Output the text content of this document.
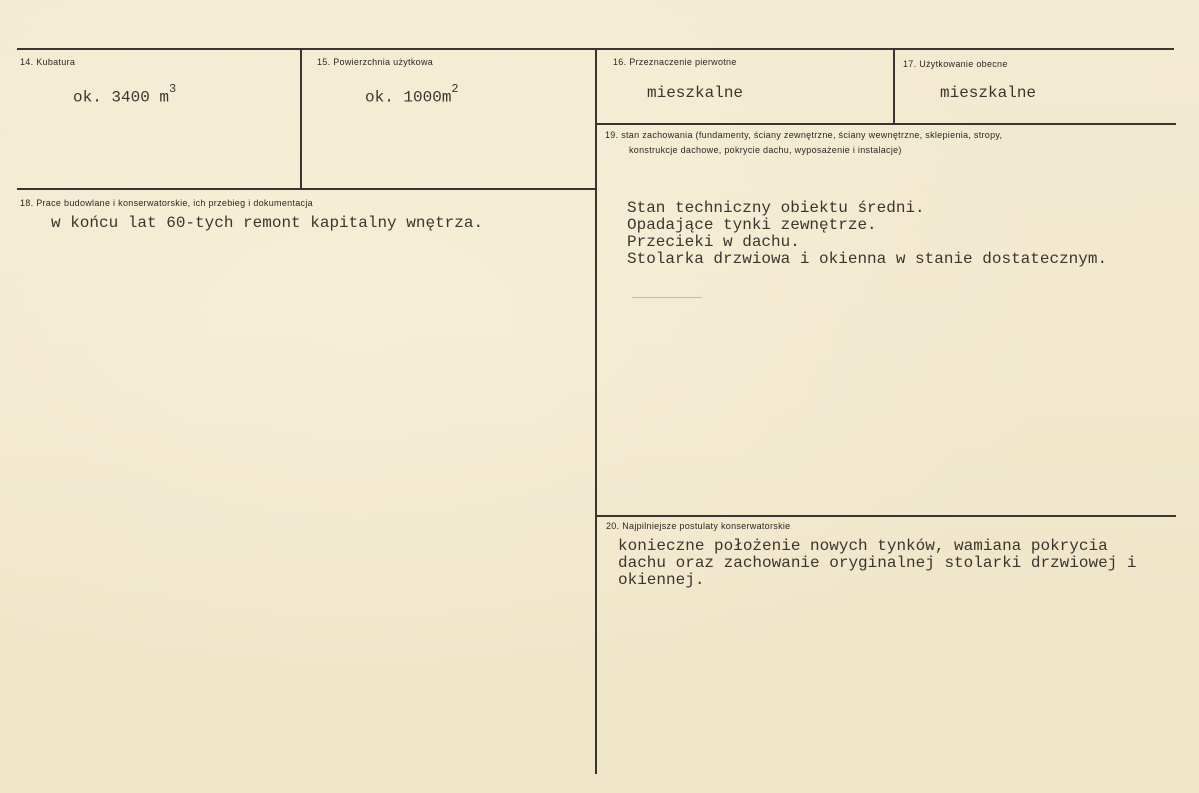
14. Kubatura
ok. 3400 $m^3$
15. Powierzchnia użytkowa
ok. $1000m^2$
16. Przeznaczenie pierwotne
mieszkalne
17. Użytkowanie obecne
mieszkalne
18. Prace budowlane i konserwatorskie, ich przebieg i dokumentacja
w końcu lat 60-tych remont kapitalny wnętrza.
19. stan zachowania (fundamenty, ściany zewnętrzne, ściany wewnętrzne, sklepienia, stropy,
konstrukcje dachowe, pokrycie dachu, wyposażenie i instalacje)
Stan techniczny obiektu średni.
Opadające tynki zewnętrze.
Przecieki w dachu.
Stolarka drzwiowa i okienna w stanie dostatecznym.
20. Najpilniejsze postulaty konserwatorskie
konieczne położenie nowych tynków, wamiana pokrycia
dachu oraz zachowanie oryginalnej stolarki drzwiowej i
okiennej.
